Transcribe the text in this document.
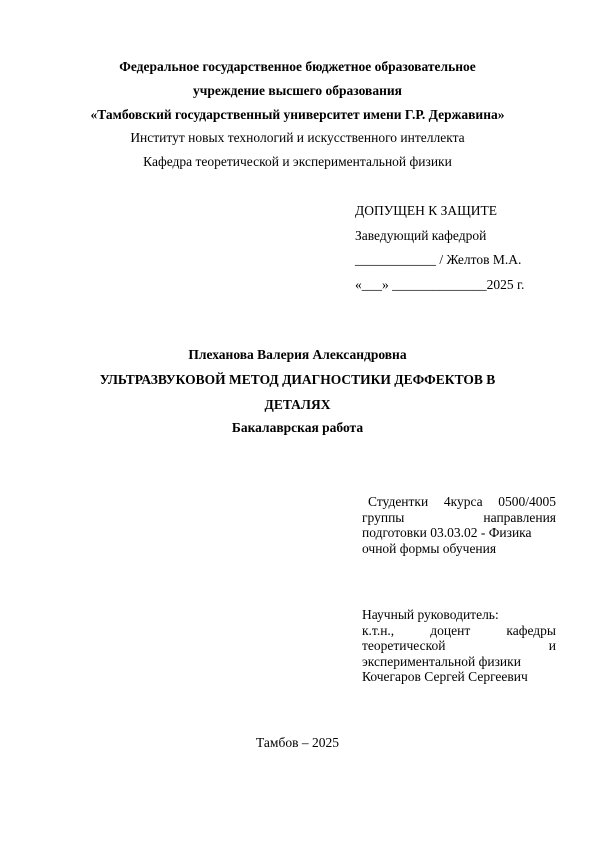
Федеральное государственное бюджетное образовательное
учреждение высшего образования
«Тамбовский государственный университет имени Г.Р. Державина»
Институт новых технологий и искусственного интеллекта
Кафедра теоретической и экспериментальной физики
ДОПУЩЕН К ЗАЩИТЕ
Заведующий кафедрой
____________ / Желтов М.А.
«___» ______________2025 г.
Плеханова Валерия Александровна
УЛЬТРАЗВУКОВОЙ МЕТОД ДИАГНОСТИКИ ДЕФФЕКТОВ В
ДЕТАЛЯХ
Бакалаврская работа
Студентки 4курса 0500/4005
группы направления
подготовки 03.03.02 - Физика
очной формы обучения
Научный руководитель:
к.т.н., доцент кафедры
теоретической и
экспериментальной физики
Кочегаров Сергей Сергеевич
Тамбов – 2025
